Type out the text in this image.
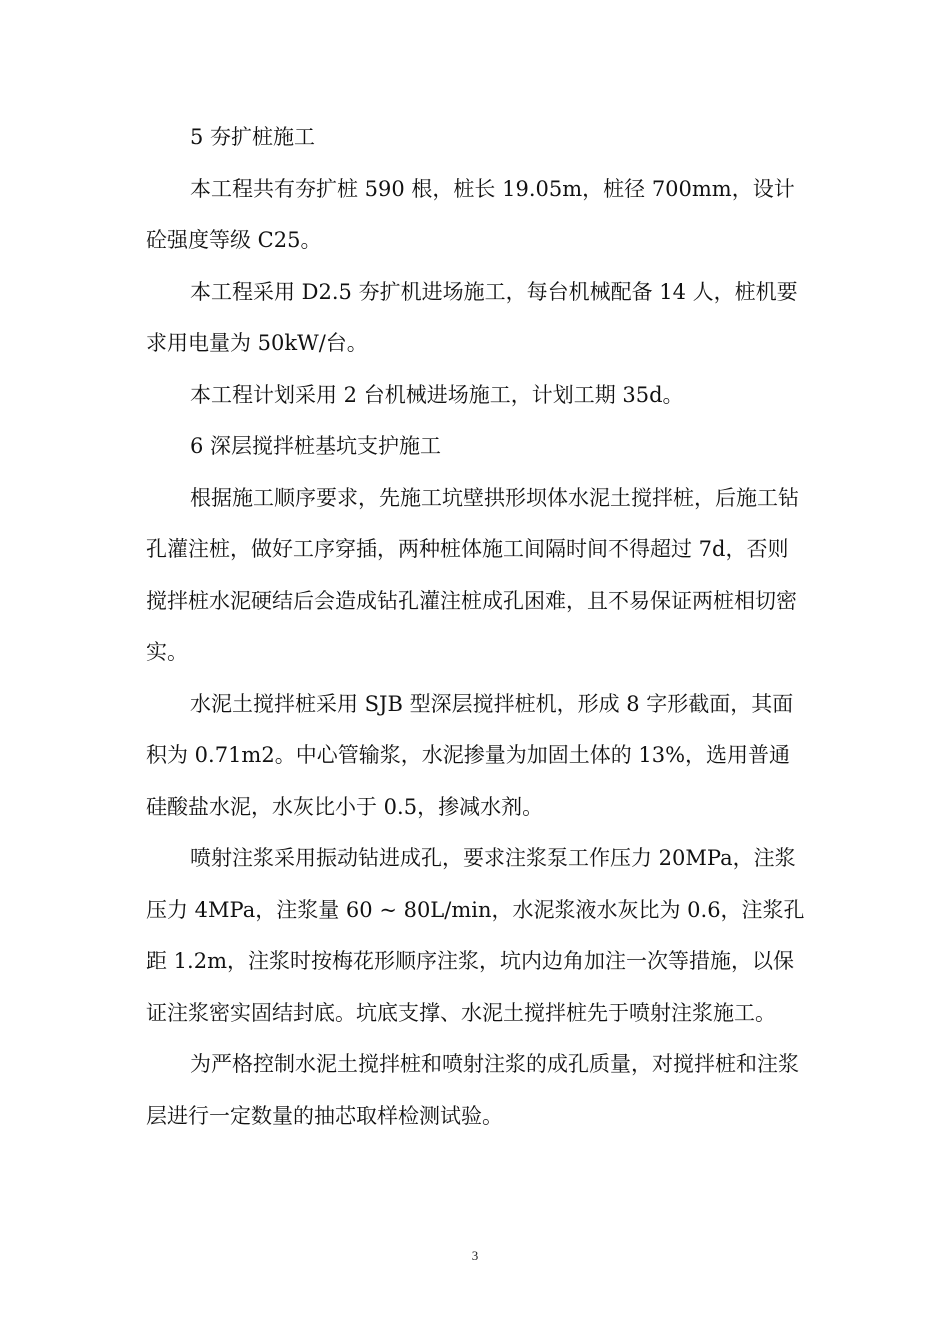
5 夯扩桩施工

本工程共有夯扩桩 590 根，桩长 19.05m，桩径 700mm，设计砼强度等级 C25。

本工程采用 D2.5 夯扩机进场施工，每台机械配备 14 人，桩机要求用电量为 50kW/台。

本工程计划采用 2 台机械进场施工，计划工期 35d。

6 深层搅拌桩基坑支护施工

根据施工顺序要求，先施工坑壁拱形坝体水泥土搅拌桩，后施工钻孔灌注桩，做好工序穿插，两种桩体施工间隔时间不得超过 7d，否则搅拌桩水泥硬结后会造成钻孔灌注桩成孔困难，且不易保证两桩相切密实。

水泥土搅拌桩采用 SJB 型深层搅拌桩机，形成 8 字形截面，其面积为 0.71m2。中心管输浆，水泥掺量为加固土体的 13%，选用普通硅酸盐水泥，水灰比小于 0.5，掺减水剂。

喷射注浆采用振动钻进成孔，要求注浆泵工作压力 20MPa，注浆压力 4MPa，注浆量 60 ~ 80L/min，水泥浆液水灰比为 0.6，注浆孔距 1.2m，注浆时按梅花形顺序注浆，坑内边角加注一次等措施，以保证注浆密实固结封底。坑底支撑、水泥土搅拌桩先于喷射注浆施工。

为严格控制水泥土搅拌桩和喷射注浆的成孔质量，对搅拌桩和注浆层进行一定数量的抽芯取样检测试验。

3
